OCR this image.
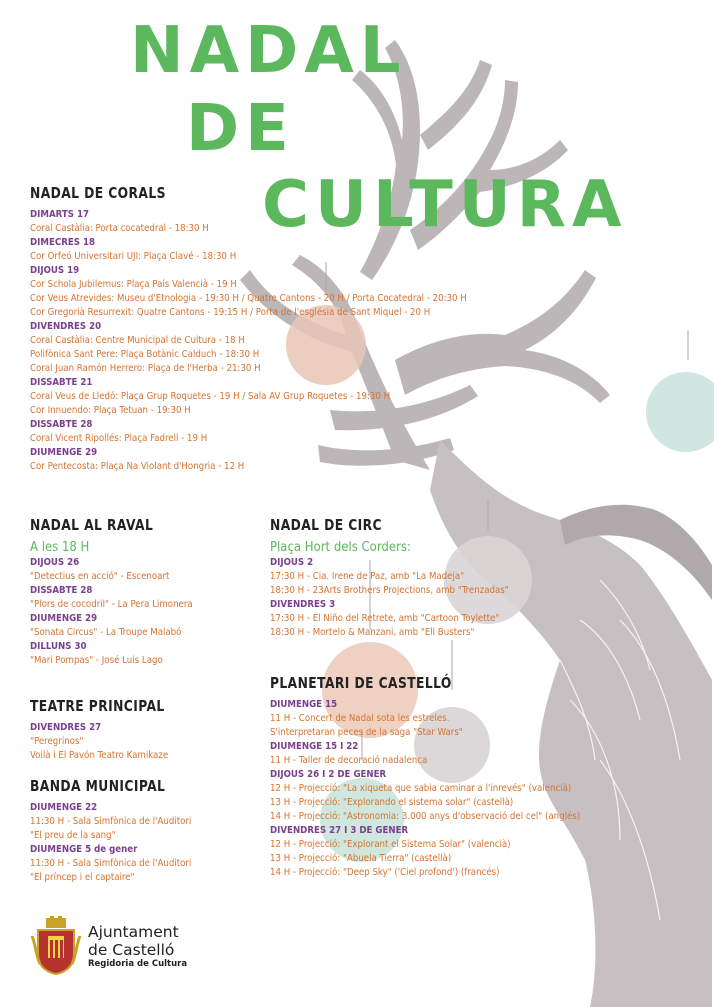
NADAL
DE
CULTURA
NADAL DE CORALS
DIMARTS 17
Coral Castàlia: Porta cocatedral - 18:30 H
DIMECRES 18
Cor Orfeó Universitari UJI: Plaça Clavé - 18:30 H
DIJOUS 19
Cor Schola Jubilemus: Plaça País Valencià - 19 H
Cor Veus Atrevides: Museu d'Etnologia - 19:30 H / Quatre Cantons - 20 H / Porta Cocatedral - 20:30 H
Cor Gregorià Resurrexit: Quatre Cantons - 19:15 H / Porta de l'església de Sant Miquel - 20 H
DIVENDRES 20
Coral Castàlia: Centre Municipal de Cultura - 18 H
Polifònica Sant Pere: Plaça Botànic Calduch - 18:30 H
Coral Juan Ramón Herrero: Plaça de l'Herba - 21:30 H
DISSABTE 21
Coral Veus de Lledó: Plaça Grup Roquetes - 19 H / Sala AV Grup Roquetes - 19:30 H
Cor Innuendo: Plaça Tetuan - 19:30 H
DISSABTE 28
Coral Vicent Ripollés: Plaça Fadrell - 19 H
DIUMENGE 29
Cor Pentecosta: Plaça Na Violant d'Hongria - 12 H
NADAL AL RAVAL
A les 18 H
DIJOUS 26
"Detectius en acció" - Escenoart
DISSABTE 28
"Plors de cocodril" - La Pera Limonera
DIUMENGE 29
"Sonata Circus" - La Troupe Malabó
DILLUNS 30
"Mari Pompas" - José Luis Lago
TEATRE PRINCIPAL
DIVENDRES 27
"Peregrinos"
Voilà i El Pavón Teatro Kamikaze
BANDA MUNICIPAL
DIUMENGE 22
11:30 H - Sala Simfònica de l'Auditori
"El preu de la sang"
DIUMENGE 5 de gener
11:30 H - Sala Simfònica de l'Auditori
"El príncep i el captaire"
NADAL DE CIRC
Plaça Hort dels Corders:
DIJOUS 2
17:30 H - Cia. Irene de Paz, amb "La Madeja"
18:30 H - 23Arts Brothers Projections, amb "Trenzadas"
DIVENDRES 3
17:30 H - El Niño del Retrete, amb "Cartoon Toylette"
18:30 H - Mortelo & Manzani, amb "Ell Busters"
PLANETARI DE CASTELLÓ
DIUMENGE 15
11 H - Concert de Nadal sota les estreles.
S'interpretaran peces de la saga "Star Wars"
DIUMENGE 15 I 22
11 H - Taller de decoració nadalenca
DIJOUS 26 I 2 DE GENER
12 H - Projecció: "La xiqueta que sabia caminar a l'inrevés" (valencià)
13 H - Projecció: "Explorando el sistema solar" (castellà)
14 H - Projecció: "Astronomia: 3.000 anys d'observació del cel" (anglés)
DIVENDRES 27 I 3 DE GENER
12 H - Projecció: "Explorant el Sistema Solar" (valencià)
13 H - Projecció: "Abuela Tierra" (castellà)
14 H - Projecció: "Deep Sky" ('Ciel profond') (francés)
Ajuntament
de Castelló
Regidoria de Cultura
